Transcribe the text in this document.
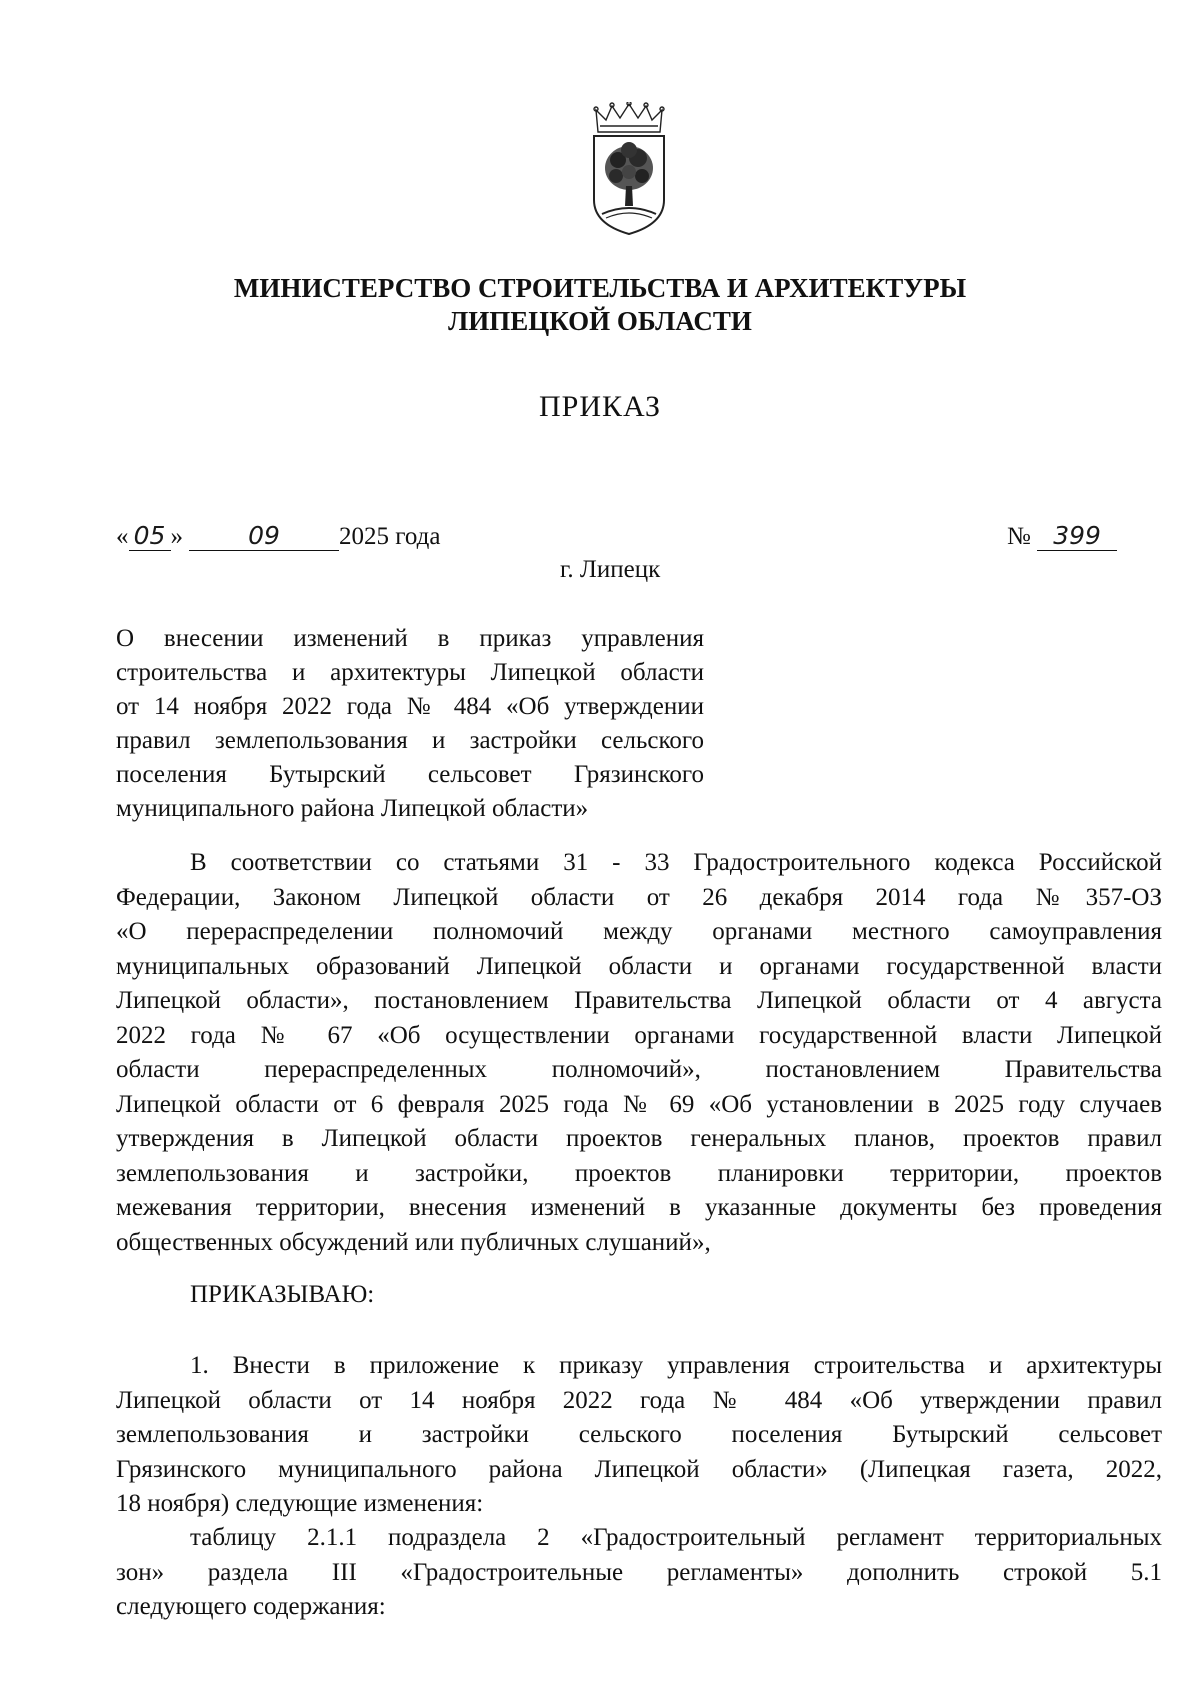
МИНИСТЕРСТВО СТРОИТЕЛЬСТВА И АРХИТЕКТУРЫ
ЛИПЕЦКОЙ ОБЛАСТИ
ПРИКАЗ
« 05 »	09 2025 года	№ 399
г. Липецк
О внесении изменений в приказ управления
строительства и архитектуры Липецкой области
от 14 ноября 2022 года № 484 «Об утверждении
правил землепользования и застройки сельского
поселения Бутырский сельсовет Грязинского
муниципального района Липецкой области»
В соответствии со статьями 31 - 33 Градостроительного кодекса Российской
Федерации, Законом Липецкой области от 26 декабря 2014 года №357-ОЗ
«О перераспределении полномочий между органами местного самоуправления
муниципальных образований Липецкой области и органами государственной власти
Липецкой области», постановлением Правительства Липецкой области от 4 августа
2022 года № 67 «Об осуществлении органами государственной власти Липецкой
области перераспределенных полномочий», постановлением Правительства
Липецкой области от 6 февраля 2025 года № 69 «Об установлении в 2025 году случаев
утверждения в Липецкой области проектов генеральных планов, проектов правил
землепользования и застройки, проектов планировки территории, проектов
межевания территории, внесения изменений в указанные документы без проведения
общественных обсуждений или публичных слушаний»,
ПРИКАЗЫВАЮ:
1. Внести в приложение к приказу управления строительства и архитектуры
Липецкой области от 14 ноября 2022 года № 484 «Об утверждении правил
землепользования и застройки сельского поселения Бутырский сельсовет
Грязинского муниципального района Липецкой области» (Липецкая газета, 2022,
18 ноября) следующие изменения:
таблицу 2.1.1 подраздела 2 «Градостроительный регламент территориальных
зон» раздела III «Градостроительные регламенты» дополнить строкой 5.1
следующего содержания:
